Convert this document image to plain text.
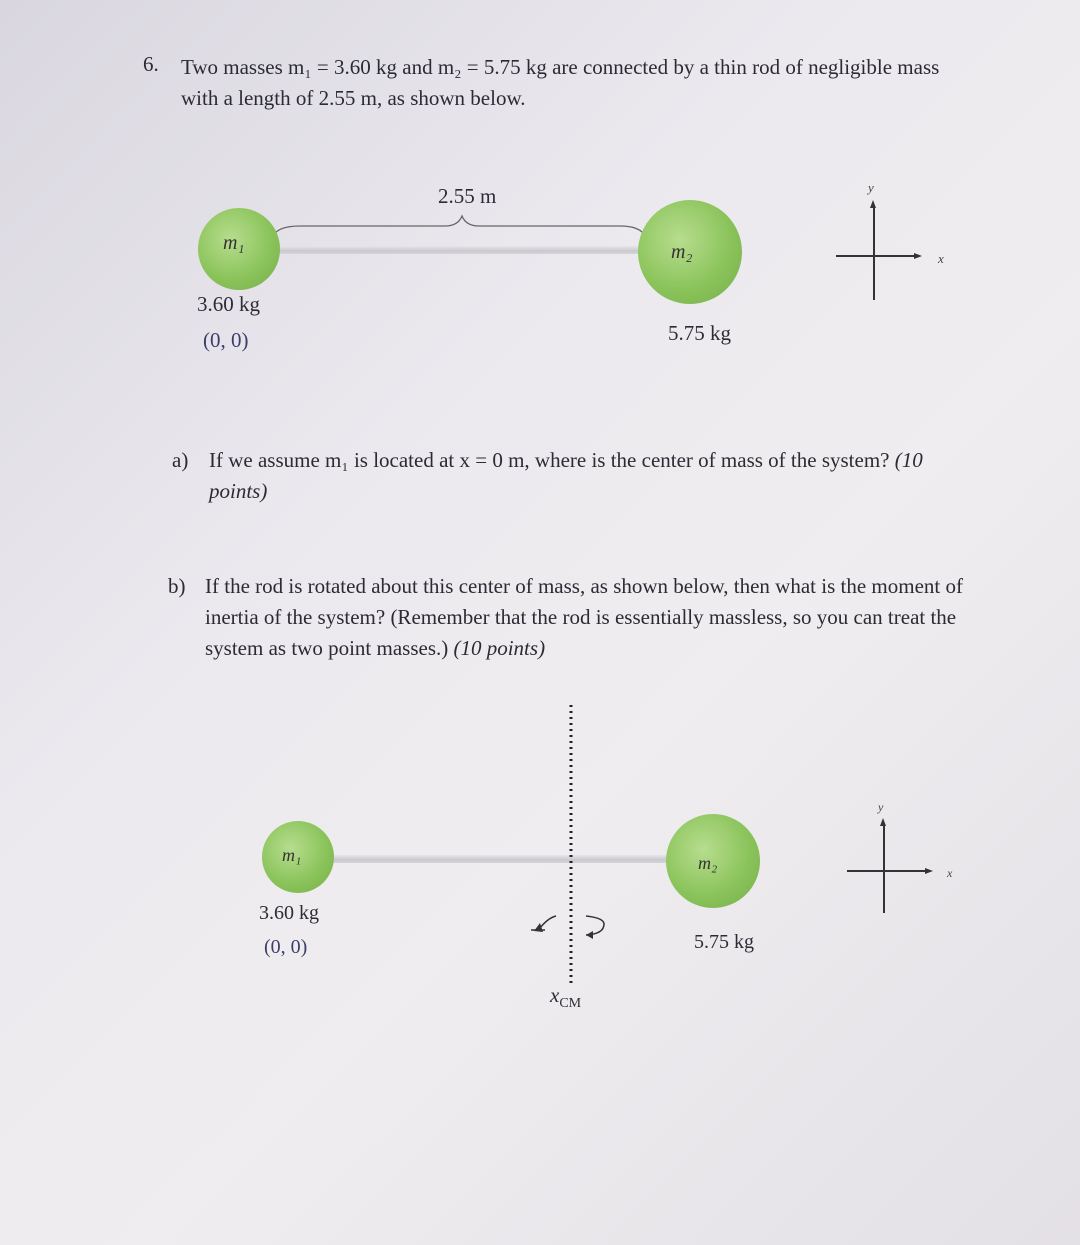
6. Two masses m₁ = 3.60 kg and m₂ = 5.75 kg are connected by a thin rod of negligible mass with a length of 2.55 m, as shown below.
2.55 m
m₁	m₂
3.60 kg
(0, 0)	5.75 kg
y
x
a) If we assume m₁ is located at x = 0 m, where is the center of mass of the system? (10 points)
b) If the rod is rotated about this center of mass, as shown below, then what is the moment of inertia of the system? (Remember that the rod is essentially massless, so you can treat the system as two point masses.) (10 points)
m₁	m₂
$x_{CM}$
3.60 kg
(0, 0)	5.75 kg
y
x
